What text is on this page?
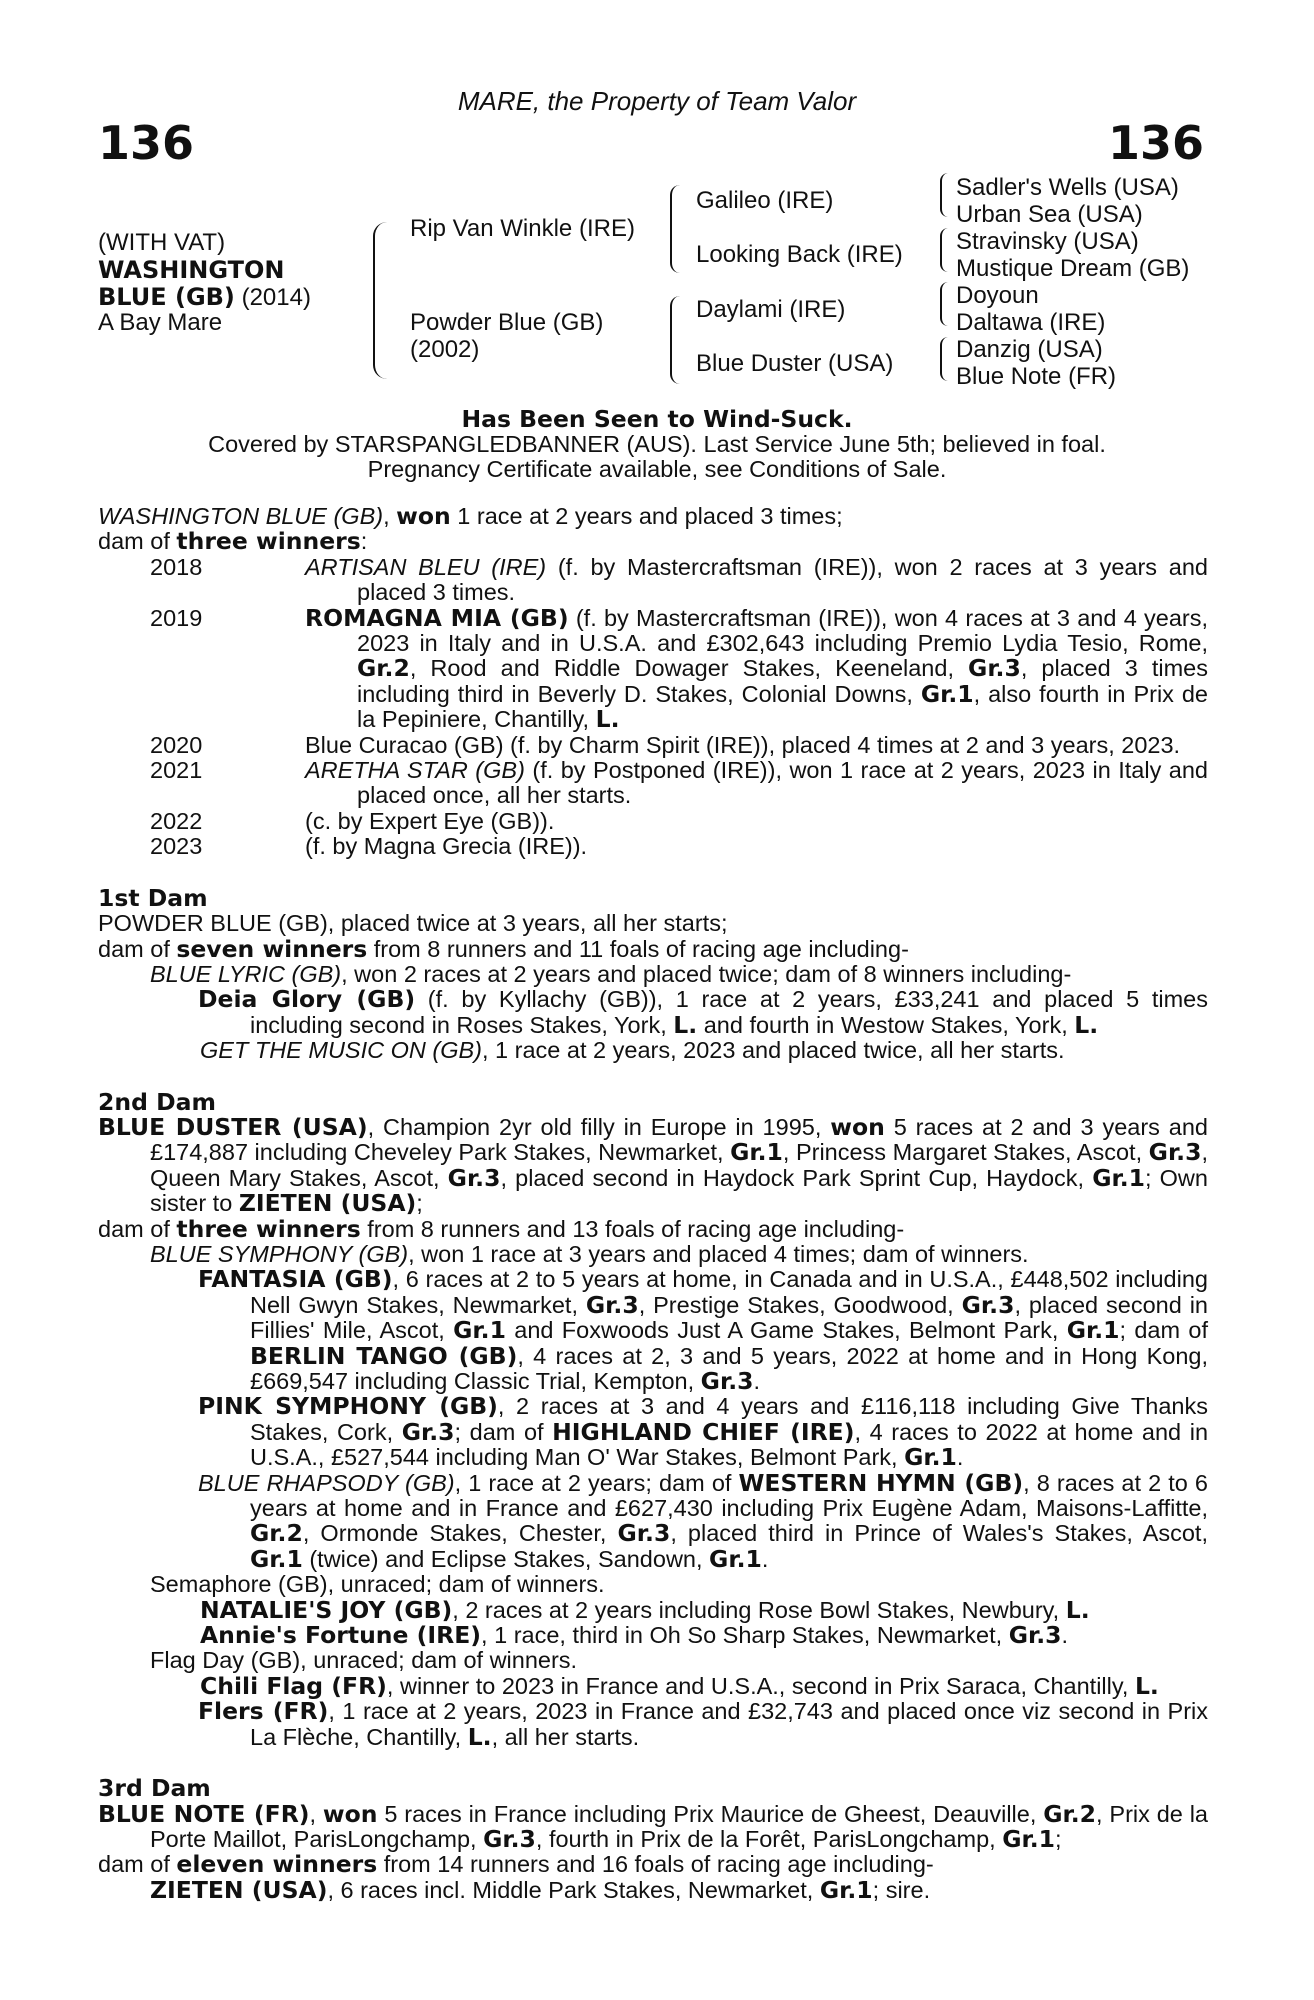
136	136
MARE, the Property of Team Valor
(WITH VAT)
WASHINGTON
BLUE (GB) (2014)
A Bay Mare
Rip Van Winkle (IRE)
Powder Blue (GB)
(2002)
Galileo (IRE)
Looking Back (IRE)
Daylami (IRE)
Blue Duster (USA)
Sadler's Wells (USA)
Urban Sea (USA)
Stravinsky (USA)
Mustique Dream (GB)
Doyoun
Daltawa (IRE)
Danzig (USA)
Blue Note (FR)
Has Been Seen to Wind-Suck.
Covered by STARSPANGLEDBANNER (AUS). Last Service June 5th; believed in foal.
Pregnancy Certificate available, see Conditions of Sale.

WASHINGTON BLUE (GB), won 1 race at 2 years and placed 3 times;

dam of three winners:

2018	ARTISAN BLEU (IRE) (f. by Mastercraftsman (IRE)), won 2 races at 3 years and placed 3 times.
2019	ROMAGNA MIA (GB) (f. by Mastercraftsman (IRE)), won 4 races at 3 and 4 years, 2023 in Italy and in U.S.A. and £302,643 including Premio Lydia Tesio, Rome, Gr.2, Rood and Riddle Dowager Stakes, Keeneland, Gr.3, placed 3 times including third in Beverly D. Stakes, Colonial Downs, Gr.1, also fourth in Prix de la Pepiniere, Chantilly, L.
2020	Blue Curacao (GB) (f. by Charm Spirit (IRE)), placed 4 times at 2 and 3 years, 2023.
2021	ARETHA STAR (GB) (f. by Postponed (IRE)), won 1 race at 2 years, 2023 in Italy and placed once, all her starts.
2022	(c. by Expert Eye (GB)).
2023	(f. by Magna Grecia (IRE)).

1st Dam

POWDER BLUE (GB), placed twice at 3 years, all her starts;

dam of seven winners from 8 runners and 11 foals of racing age including-

BLUE LYRIC (GB), won 2 races at 2 years and placed twice; dam of 8 winners including-

Deia Glory (GB) (f. by Kyllachy (GB)), 1 race at 2 years, £33,241 and placed 5 times including second in Roses Stakes, York, L. and fourth in Westow Stakes, York, L.

GET THE MUSIC ON (GB), 1 race at 2 years, 2023 and placed twice, all her starts.

2nd Dam

BLUE DUSTER (USA), Champion 2yr old filly in Europe in 1995, won 5 races at 2 and 3 years and £174,887 including Cheveley Park Stakes, Newmarket, Gr.1, Princess Margaret Stakes, Ascot, Gr.3, Queen Mary Stakes, Ascot, Gr.3, placed second in Haydock Park Sprint Cup, Haydock, Gr.1; Own sister to ZIETEN (USA);

dam of three winners from 8 runners and 13 foals of racing age including-

BLUE SYMPHONY (GB), won 1 race at 3 years and placed 4 times; dam of winners.

FANTASIA (GB), 6 races at 2 to 5 years at home, in Canada and in U.S.A., £448,502 including Nell Gwyn Stakes, Newmarket, Gr.3, Prestige Stakes, Goodwood, Gr.3, placed second in Fillies' Mile, Ascot, Gr.1 and Foxwoods Just A Game Stakes, Belmont Park, Gr.1; dam of BERLIN TANGO (GB), 4 races at 2, 3 and 5 years, 2022 at home and in Hong Kong, £669,547 including Classic Trial, Kempton, Gr.3.

PINK SYMPHONY (GB), 2 races at 3 and 4 years and £116,118 including Give Thanks Stakes, Cork, Gr.3; dam of HIGHLAND CHIEF (IRE), 4 races to 2022 at home and in U.S.A., £527,544 including Man O' War Stakes, Belmont Park, Gr.1.

BLUE RHAPSODY (GB), 1 race at 2 years; dam of WESTERN HYMN (GB), 8 races at 2 to 6 years at home and in France and £627,430 including Prix Eugène Adam, Maisons-Laffitte, Gr.2, Ormonde Stakes, Chester, Gr.3, placed third in Prince of Wales's Stakes, Ascot, Gr.1 (twice) and Eclipse Stakes, Sandown, Gr.1.

Semaphore (GB), unraced; dam of winners.

NATALIE'S JOY (GB), 2 races at 2 years including Rose Bowl Stakes, Newbury, L.

Annie's Fortune (IRE), 1 race, third in Oh So Sharp Stakes, Newmarket, Gr.3.

Flag Day (GB), unraced; dam of winners.

Chili Flag (FR), winner to 2023 in France and U.S.A., second in Prix Saraca, Chantilly, L.

Flers (FR), 1 race at 2 years, 2023 in France and £32,743 and placed once viz second in Prix La Flèche, Chantilly, L., all her starts.

3rd Dam

BLUE NOTE (FR), won 5 races in France including Prix Maurice de Gheest, Deauville, Gr.2, Prix de la Porte Maillot, ParisLongchamp, Gr.3, fourth in Prix de la Forêt, ParisLongchamp, Gr.1;

dam of eleven winners from 14 runners and 16 foals of racing age including-

ZIETEN (USA), 6 races incl. Middle Park Stakes, Newmarket, Gr.1; sire.
